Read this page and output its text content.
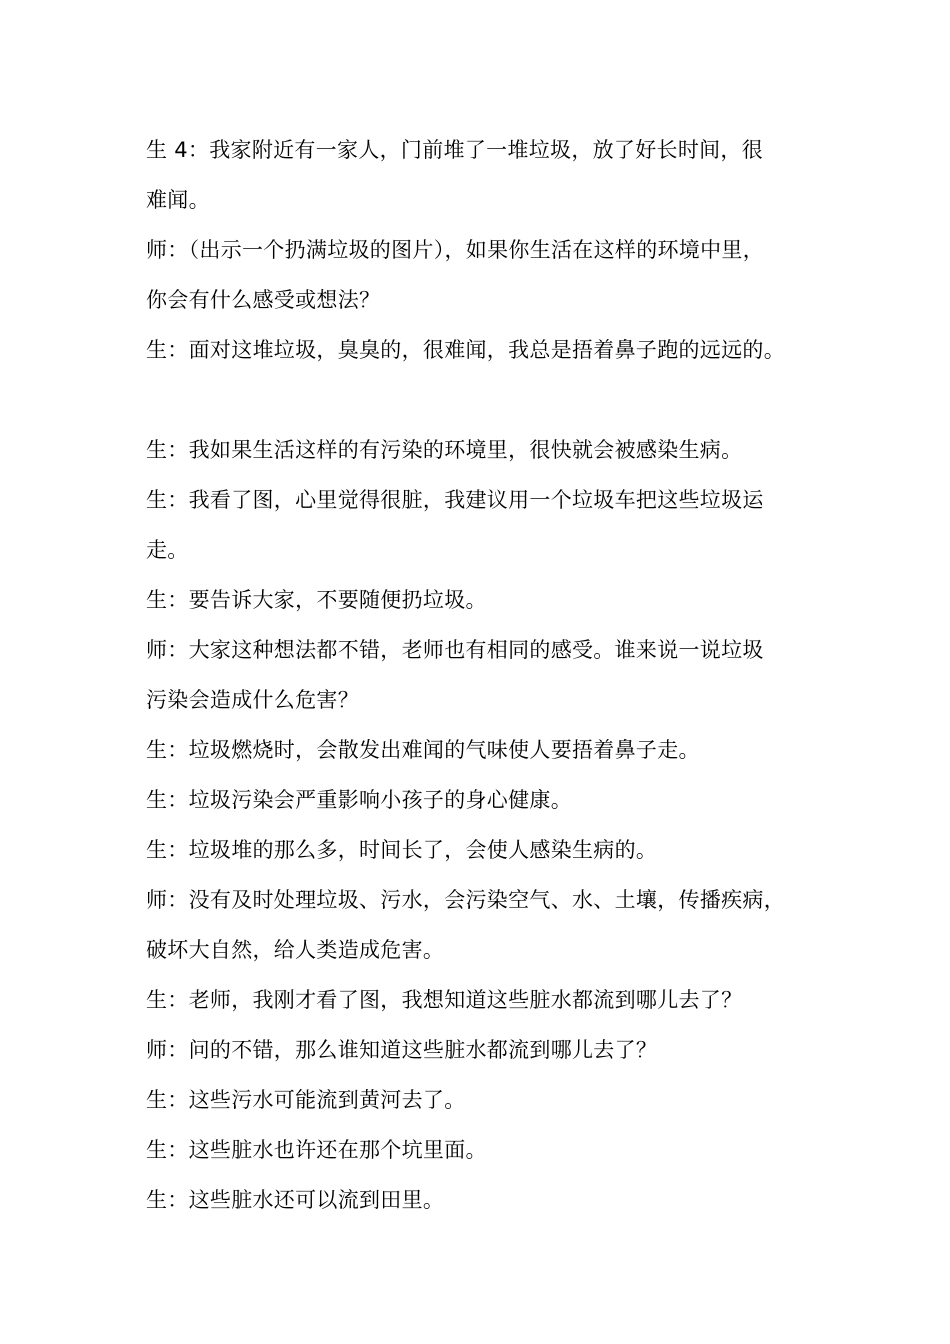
生 4：我家附近有一家人，门前堆了一堆垃圾，放了好长时间，很
难闻。
师：（出示一个扔满垃圾的图片），如果你生活在这样的环境中里，
你会有什么感受或想法？
生：面对这堆垃圾，臭臭的，很难闻，我总是捂着鼻子跑的远远的。
生：我如果生活这样的有污染的环境里，很快就会被感染生病。
生：我看了图，心里觉得很脏，我建议用一个垃圾车把这些垃圾运
走。
生：要告诉大家，不要随便扔垃圾。
师：大家这种想法都不错，老师也有相同的感受。谁来说一说垃圾
污染会造成什么危害？
生：垃圾燃烧时，会散发出难闻的气味使人要捂着鼻子走。
生：垃圾污染会严重影响小孩子的身心健康。
生：垃圾堆的那么多，时间长了，会使人感染生病的。
师：没有及时处理垃圾、污水，会污染空气、水、土壤，传播疾病，
破坏大自然，给人类造成危害。
生：老师，我刚才看了图，我想知道这些脏水都流到哪儿去了？
师：问的不错，那么谁知道这些脏水都流到哪儿去了？
生：这些污水可能流到黄河去了。
生：这些脏水也许还在那个坑里面。
生：这些脏水还可以流到田里。
